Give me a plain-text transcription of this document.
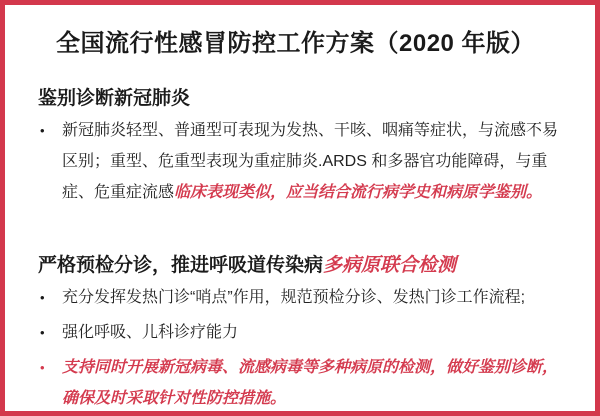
全国流行性感冒防控工作方案（2020 年版）
鉴别诊断新冠肺炎
•	新冠肺炎轻型、普通型可表现为发热、干咳、咽痛等症状，与流感不易区别；重型、危重型表现为重症肺炎.ARDS 和多器官功能障碍，与重症、危重症流感临床表现类似，应当结合流行病学史和病原学鉴别。

严格预检分诊，推进呼吸道传染病多病原联合检测
•	充分发挥发热门诊“哨点”作用，规范预检分诊、发热门诊工作流程;

•	强化呼吸、儿科诊疗能力

•	支持同时开展新冠病毒、流感病毒等多种病原的检测，做好鉴别诊断，确保及时采取针对性防控措施。
